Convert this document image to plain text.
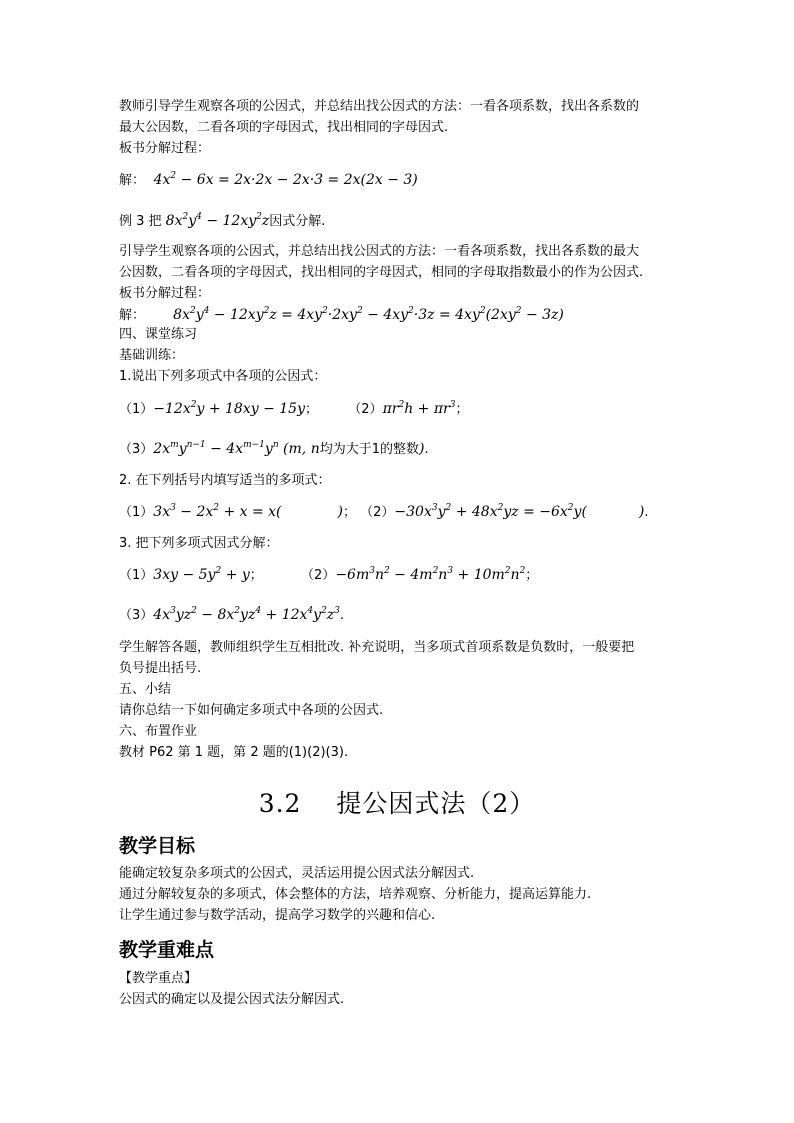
教师引导学生观察各项的公因式，并总结出找公因式的方法：一看各项系数，找出各系数的
最大公因数，二看各项的字母因式，找出相同的字母因式.
板书分解过程：
解：  $4x^2 - 6x = 2x\cdot 2x - 2x\cdot 3 = 2x(2x - 3)$
例 3 把 $8x^2y^4 - 12xy^2z$因式分解.
引导学生观察各项的公因式，并总结出找公因式的方法：一看各项系数，找出各系数的最大
公因数，二看各项的字母因式，找出相同的字母因式，相同的字母取指数最小的作为公因式.
板书分解过程：
解： $8x^2y^4 - 12xy^2z = 4xy^2\cdot 2xy^2 - 4xy^2\cdot 3z = 4xy^2(2xy^2 - 3z)$
四、课堂练习
基础训练：
1.说出下列多项式中各项的公因式：
$(1)-12x^2y + 18xy - 15y$； $(2)\pi r^2h + \pi r^3$；
$(3)2x^my^{n-1} - 4x^{m-1}y^n$ (m, n均为大于1的整数).
2. 在下列括号内填写适当的多项式：
$(1)3x^3 - 2x^2 + x = x$(	)； $(2)-30x^3y^2 + 48x^2yz = -6x^2y$(	).
3. 把下列多项式因式分解：
$(1)3xy - 5y^2 + y$；	$(2)-6m^3n^2 - 4m^2n^3 + 10m^2n^2$；
$(3)4x^3yz^2 - 8x^2yz^4 + 12x^4y^2z^3$.
学生解答各题，教师组织学生互相批改. 补充说明，当多项式首项系数是负数时，一般要把
负号提出括号.
五、小结
请你总结一下如何确定多项式中各项的公因式.
六、布置作业
教材 P62 第 1 题，第 2 题的(1)(2)(3).
3.2　 提公因式法（2）
教学目标
能确定较复杂多项式的公因式，灵活运用提公因式法分解因式.
通过分解较复杂的多项式，体会整体的方法，培养观察、分析能力，提高运算能力.
让学生通过参与数学活动，提高学习数学的兴趣和信心.
教学重难点
【教学重点】
公因式的确定以及提公因式法分解因式.
